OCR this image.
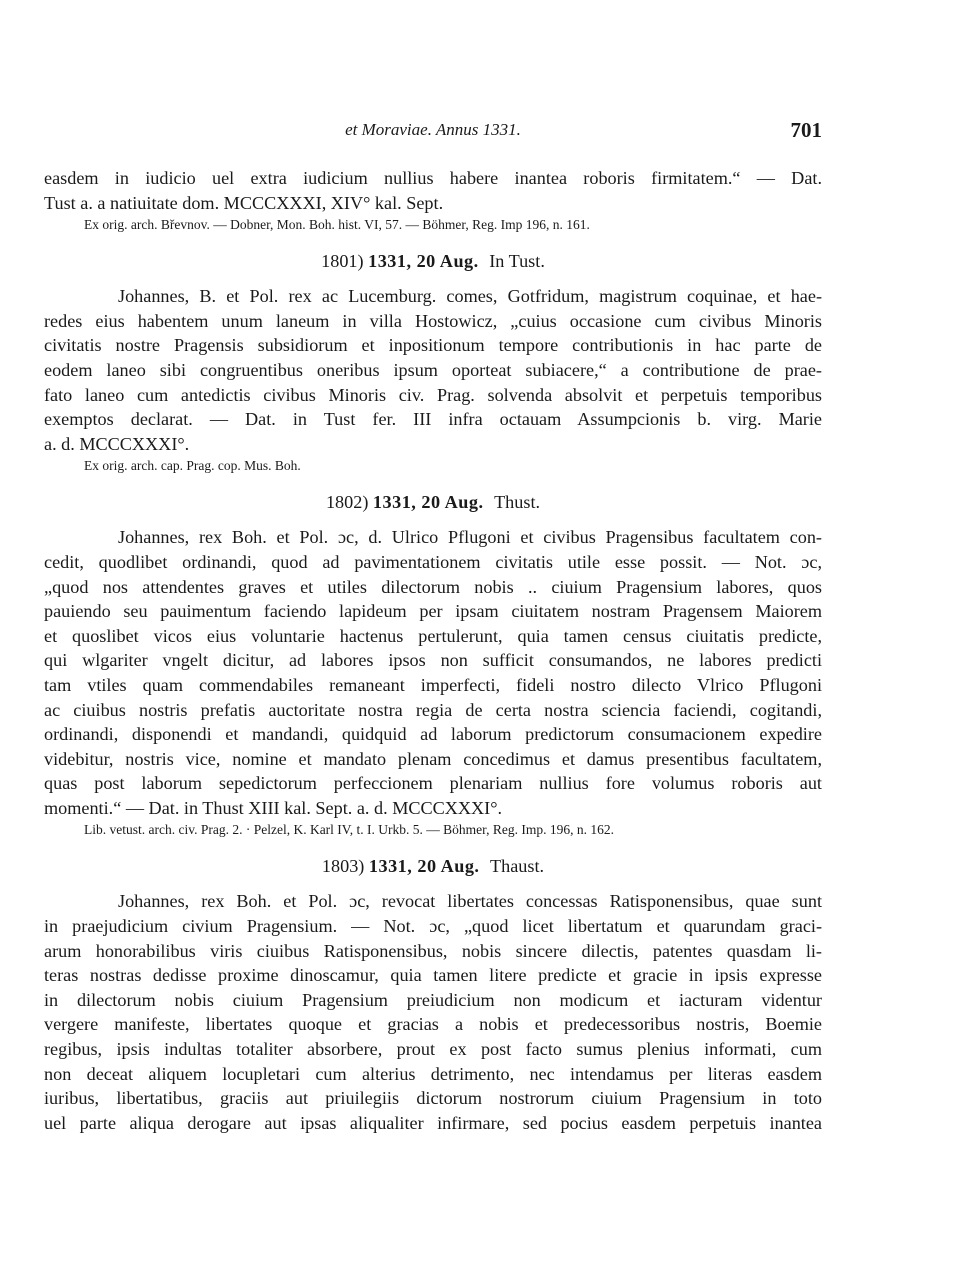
et Moraviae. Annus 1331.	701
easdem in iudicio uel extra iudicium nullius habere inantea roboris firmitatem.“ — Dat.
Tust a. a natiuitate dom. MCCCXXXI, XIV° kal. Sept.

Ex orig. arch. Břevnov. — Dobner, Mon. Boh. hist. VI, 57. — Böhmer, Reg. Imp 196, n. 161.

1801) 1331, 20 Aug. In Tust.
Johannes, B. et Pol. rex ac Lucemburg. comes, Gotfridum, magistrum coquinae, et hae-
redes eius habentem unum laneum in villa Hostowicz, „cuius occasione cum civibus Minoris
civitatis nostre Pragensis subsidiorum et inpositionum tempore contributionis in hac parte de
eodem laneo sibi congruentibus oneribus ipsum oporteat subiacere,“ a contributione de prae-
fato laneo cum antedictis civibus Minoris civ. Prag. solvenda absolvit et perpetuis temporibus
exemptos declarat. — Dat. in Tust fer. III infra octauam Assumpcionis b. virg. Marie
a. d. MCCCXXXI°.

Ex orig. arch. cap. Prag. cop. Mus. Boh.

1802) 1331, 20 Aug. Thust.
Johannes, rex Boh. et Pol. ɔc, d. Ulrico Pflugoni et civibus Pragensibus facultatem con-
cedit, quodlibet ordinandi, quod ad pavimentationem civitatis utile esse possit. — Not. ɔc,
„quod nos attendentes graves et utiles dilectorum nobis .. ciuium Pragensium labores, quos
pauiendo seu pauimentum faciendo lapideum per ipsam ciuitatem nostram Pragensem Maiorem
et quoslibet vicos eius voluntarie hactenus pertulerunt, quia tamen census ciuitatis predicte,
qui wlgariter vngelt dicitur, ad labores ipsos non sufficit consumandos, ne labores predicti
tam vtiles quam commendabiles remaneant imperfecti, fideli nostro dilecto Vlrico Pflugoni
ac ciuibus nostris prefatis auctoritate nostra regia de certa nostra sciencia faciendi, cogitandi,
ordinandi, disponendi et mandandi, quidquid ad laborum predictorum consumacionem expedire
videbitur, nostris vice, nomine et mandato plenam concedimus et damus presentibus facultatem,
quas post laborum sepedictorum perfeccionem plenariam nullius fore volumus roboris aut
momenti.“ — Dat. in Thust XIII kal. Sept. a. d. MCCCXXXI°.

Lib. vetust. arch. civ. Prag. 2. · Pelzel, K. Karl IV, t. I. Urkb. 5. — Böhmer, Reg. Imp. 196, n. 162.

1803) 1331, 20 Aug. Thaust.
Johannes, rex Boh. et Pol. ɔc, revocat libertates concessas Ratisponensibus, quae sunt
in praejudicium civium Pragensium. — Not. ɔc, „quod licet libertatum et quarundam graci-
arum honorabilibus viris ciuibus Ratisponensibus, nobis sincere dilectis, patentes quasdam li-
teras nostras dedisse proxime dinoscamur, quia tamen litere predicte et gracie in ipsis expresse
in dilectorum nobis ciuium Pragensium preiudicium non modicum et iacturam videntur
vergere manifeste, libertates quoque et gracias a nobis et predecessoribus nostris, Boemie
regibus, ipsis indultas totaliter absorbere, prout ex post facto sumus plenius informati, cum
non deceat aliquem locupletari cum alterius detrimento, nec intendamus per literas easdem
iuribus, libertatibus, graciis aut priuilegiis dictorum nostrorum ciuium Pragensium in toto
uel parte aliqua derogare aut ipsas aliqualiter infirmare, sed pocius easdem perpetuis inantea
